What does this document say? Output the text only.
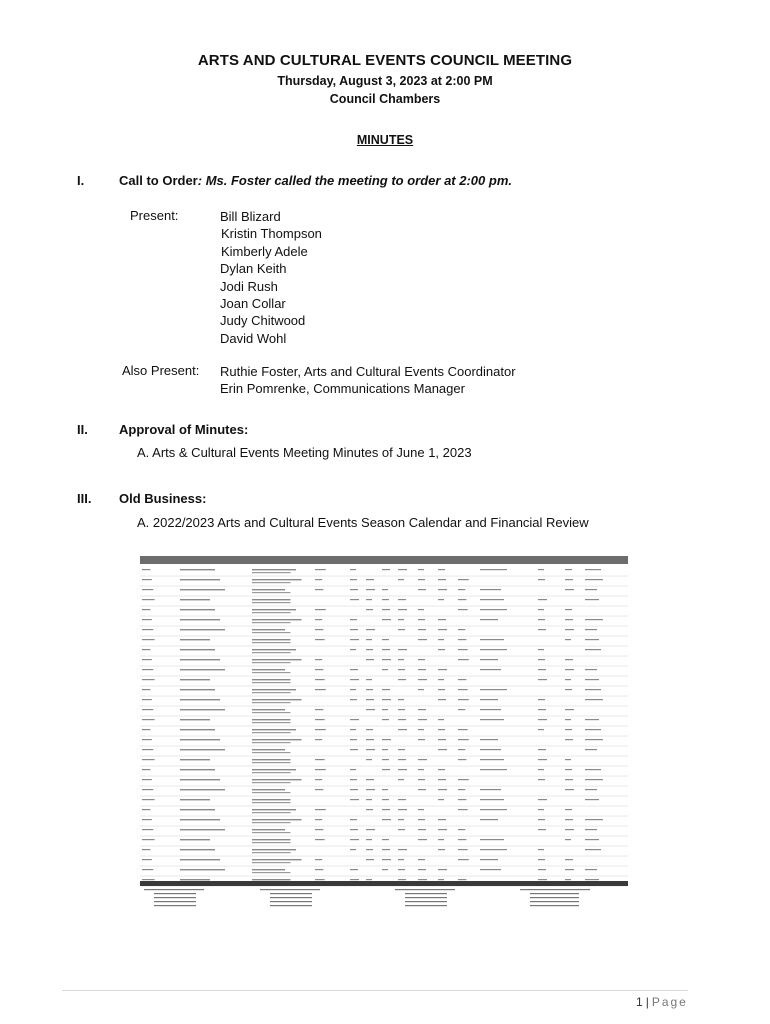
ARTS AND CULTURAL EVENTS COUNCIL MEETING
Thursday, August 3, 2023 at 2:00 PM
Council Chambers
MINUTES
I.	Call to Order: Ms. Foster called the meeting to order at 2:00 pm.
Present:	Bill Blizard
Kristin Thompson
Kimberly Adele
Dylan Keith
Jodi Rush
Joan Collar
Judy Chitwood
David Wohl
Also Present: Ruthie Foster, Arts and Cultural Events Coordinator
Erin Pomrenke, Communications Manager
II. Approval of Minutes:
A. Arts & Cultural Events Meeting Minutes of June 1, 2023
III. Old Business:
A. 2022/2023 Arts and Cultural Events Season Calendar and Financial Review
1 | Page
